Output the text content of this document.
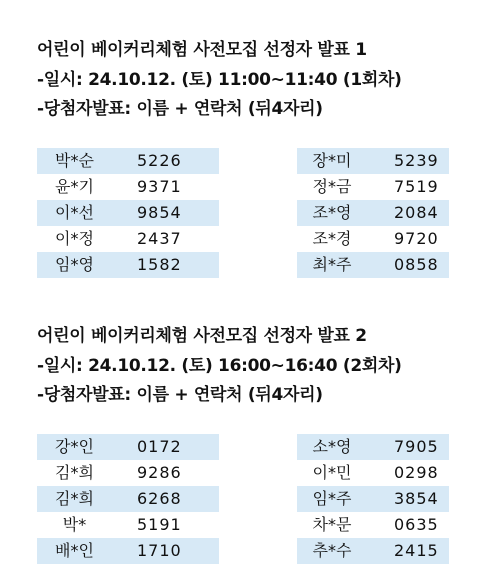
어린이 베이커리체험 사전모집 선정자 발표 1
-일시: 24.10.12. (토) 11:00~11:40 (1회차)
-당첨자발표: 이름 + 연락처 (뒤4자리)
박*순	5226
윤*기	9371
이*선	9854
이*정	2437
임*영	1582
장*미	5239
정*금	7519
조*영	2084
조*경	9720
최*주	0858
어린이 베이커리체험 사전모집 선정자 발표 2
-일시: 24.10.12. (토) 16:00~16:40 (2회차)
-당첨자발표: 이름 + 연락처 (뒤4자리)
강*인	0172
김*희	9286
김*희	6268
박*	5191
배*인	1710
소*영	7905
이*민	0298
임*주	3854
차*문	0635
추*수	2415
